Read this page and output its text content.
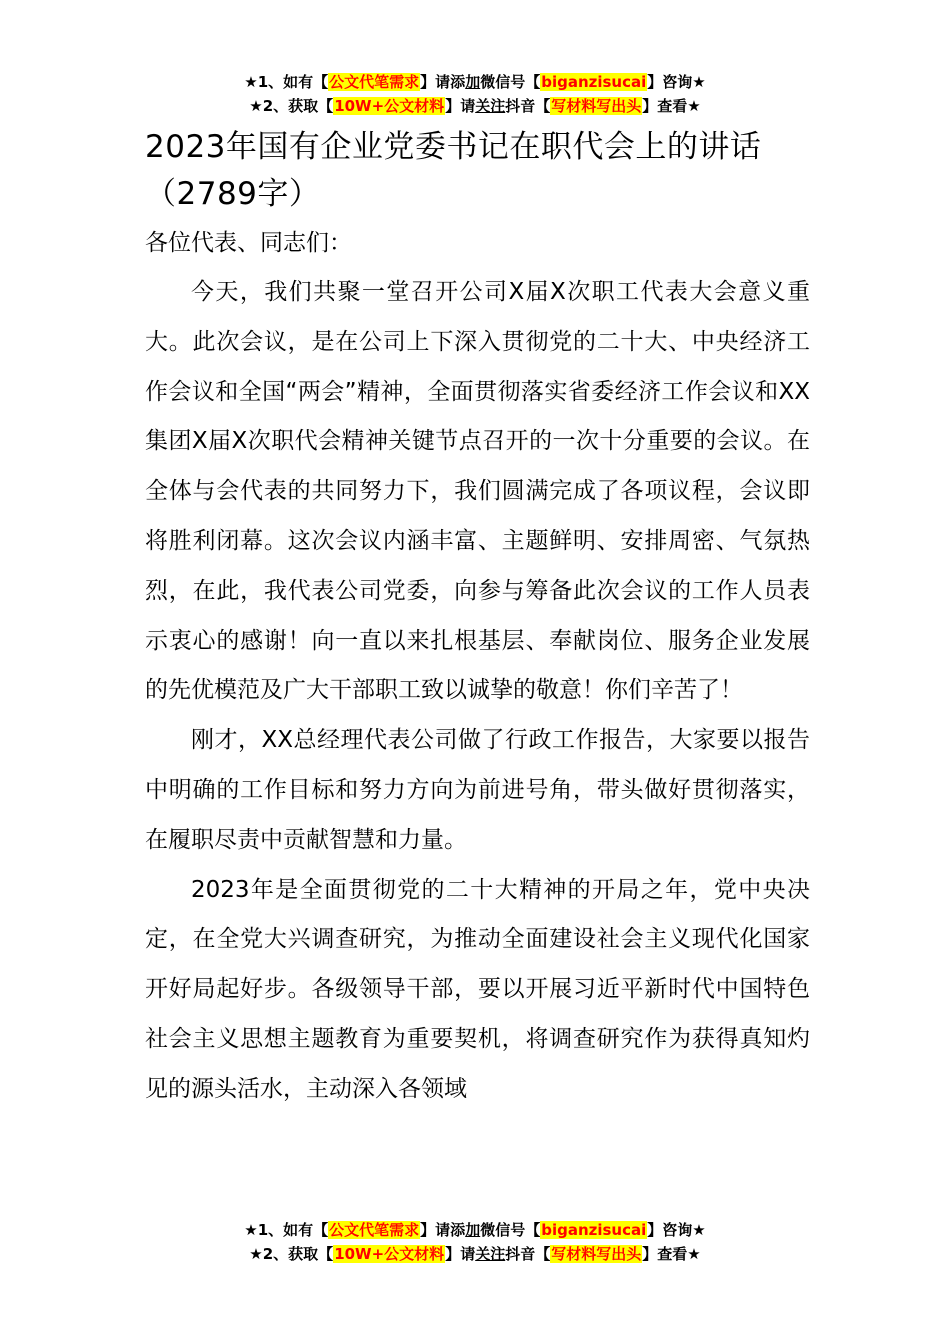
★1、如有【公文代笔需求】请添加微信号【biganzisucai】咨询★
★2、获取【10W+公文材料】请关注抖音【写材料写出头】查看★
2023年国有企业党委书记在职代会上的讲话（2789字）

各位代表、同志们：

今天，我们共聚一堂召开公司X届X次职工代表大会意义重大。此次会议，是在公司上下深入贯彻党的二十大、中央经济工作会议和全国“两会”精神，全面贯彻落实省委经济工作会议和XX集团X届X次职代会精神关键节点召开的一次十分重要的会议。在全体与会代表的共同努力下，我们圆满完成了各项议程，会议即将胜利闭幕。这次会议内涵丰富、主题鲜明、安排周密、气氛热烈，在此，我代表公司党委，向参与筹备此次会议的工作人员表示衷心的感谢！向一直以来扎根基层、奉献岗位、服务企业发展的先优模范及广大干部职工致以诚挚的敬意！你们辛苦了！

刚才，XX总经理代表公司做了行政工作报告，大家要以报告中明确的工作目标和努力方向为前进号角，带头做好贯彻落实，在履职尽责中贡献智慧和力量。

2023年是全面贯彻党的二十大精神的开局之年，党中央决定，在全党大兴调查研究，为推动全面建设社会主义现代化国家开好局起好步。各级领导干部，要以开展习近平新时代中国特色社会主义思想主题教育为重要契机，将调查研究作为获得真知灼见的源头活水，主动深入各领域

★1、如有【公文代笔需求】请添加微信号【biganzisucai】咨询★
★2、获取【10W+公文材料】请关注抖音【写材料写出头】查看★
